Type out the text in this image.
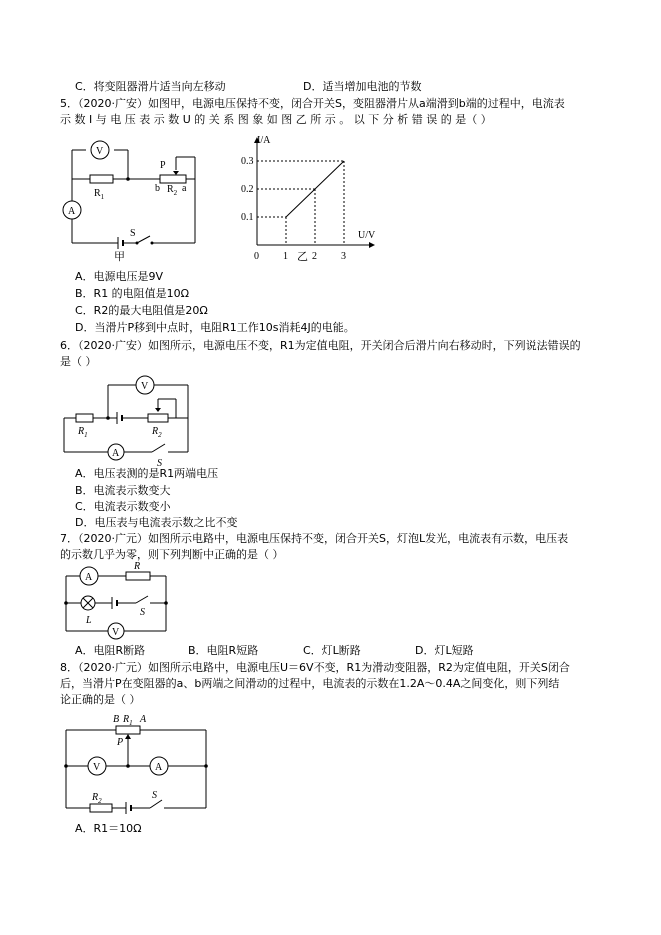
C．将变阻器滑片适当向左移动	D．适当增加电池的节数
5．（2020·广安）如图甲，电源电压保持不变，闭合开关S，变阻器滑片从a端滑到b端的过程中，电流表
示 数 I 与 电 压 表 示 数 U 的 关 系 图 象 如 图 乙 所 示 。 以 下 分 析 错 误 的 是（ ）
V
A
$R_1$
$R_2$
P
b a
S
甲	0 1 2 3
0.1
0.2
0.3
I/A
U/V
乙
A．电源电压是9V
B．R1 的电阻值是10Ω
C．R2的最大电阻值是20Ω
D．当滑片P移到中点时，电阻R1工作10s消耗4J的电能。
6．（2020·广安）如图所示，电源电压不变，R1为定值电阻，开关闭合后滑片向右移动时，下列说法错误的
是（ ）
V
A
$R_1$	$R_2$
S
A．电压表测的是R1两端电压
B．电流表示数变大
C．电流表示数变小
D．电压表与电流表示数之比不变
7．（2020·广元）如图所示电路中，电源电压保持不变，闭合开关S，灯泡L发光，电流表有示数，电压表
的示数几乎为零，则下列判断中正确的是（ ）
A
R
L
S
V
A．电阻R断路	B．电阻R短路	C．灯L断路	D．灯L短路
8．（2020·广元）如图所示电路中，电源电压U＝6V不变，R1为滑动变阻器，R2为定值电阻，开关S闭合
后，当滑片P在变阻器的a、b两端之间滑动的过程中，电流表的示数在1.2A～0.4A之间变化，则下列结
论正确的是（ ）
B $R_1$ A
P
V	A
$R_2$	S
A．R1＝10Ω
